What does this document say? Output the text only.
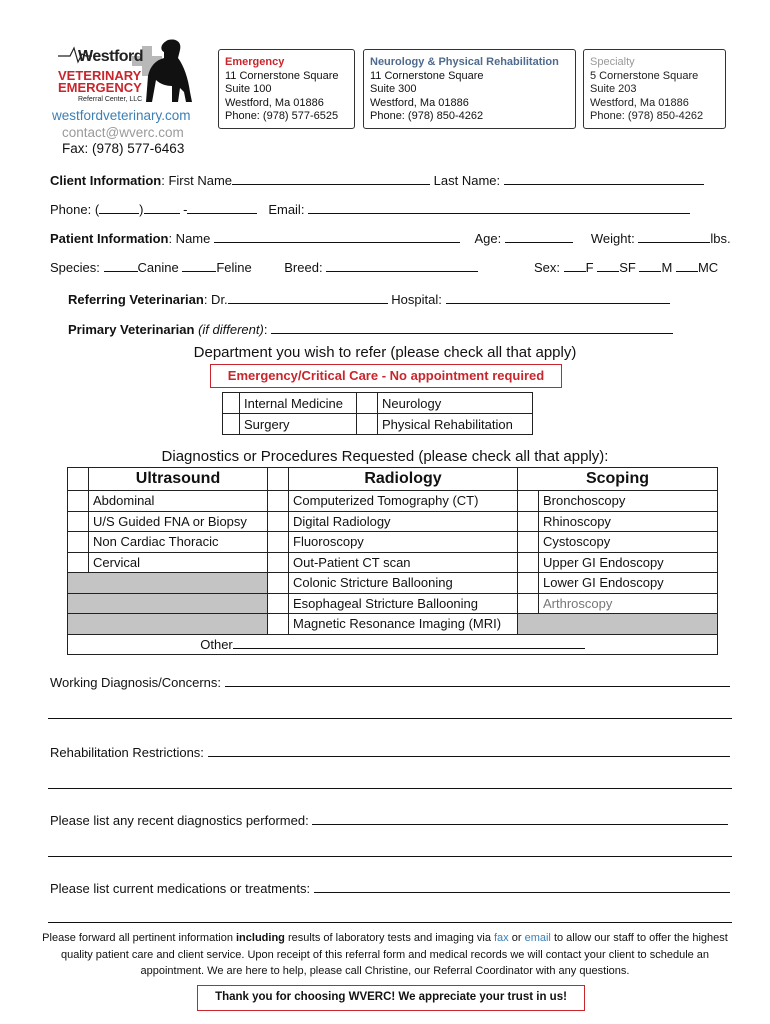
Westford
VETERINARY
EMERGENCY
Referral Center, LLC
westfordveterinary.com
contact@wverc.com
Fax: (978) 577-6463
Emergency
11 Cornerstone Square
Suite 100
Westford, Ma 01886
Phone: (978) 577-6525
Neurology & Physical Rehabilitation
11 Cornerstone Square
Suite 300
Westford, Ma 01886
Phone: (978) 850-4262
Specialty
5 Cornerstone Square
Suite 203
Westford, Ma 01886
Phone: (978) 850-4262
Client Information: First Name	Last Name:
Phone: (	)	-	Email:
Patient Information: Name	Age:	Weight:	lbs.
Species:	Canine	Feline	Breed:	Sex: F SF M MC
Referring Veterinarian: Dr.	Hospital:
Primary Veterinarian (if different):
Department you wish to refer (please check all that apply)
Emergency/Critical Care - No appointment required
	Internal Medicine		Neurology
	Surgery		Physical Rehabilitation
Diagnostics or Procedures Requested (please check all that apply):
	Ultrasound		Radiology	Scoping	
	Abdominal		Computerized Tomography (CT)		Bronchoscopy
	U/S Guided FNA or Biopsy		Digital Radiology		Rhinoscopy
	Non Cardiac Thoracic		Fluoroscopy		Cystoscopy
	Cervical		Out-Patient CT scan		Upper GI Endoscopy
			Colonic Stricture Ballooning		Lower GI Endoscopy
			Esophageal Stricture Ballooning		Arthroscopy
			Magnetic Resonance Imaging (MRI)		
Other					
Working Diagnosis/Concerns:
Rehabilitation Restrictions:
Please list any recent diagnostics performed:
Please list current medications or treatments:
Please forward all pertinent information including results of laboratory tests and imaging via fax or email to allow our staff to offer the highest quality patient care and client service. Upon receipt of this referral form and medical records we will contact your client to schedule an appointment. We are here to help, please call Christine, our Referral Coordinator with any questions.
Thank you for choosing WVERC! We appreciate your trust in us!
